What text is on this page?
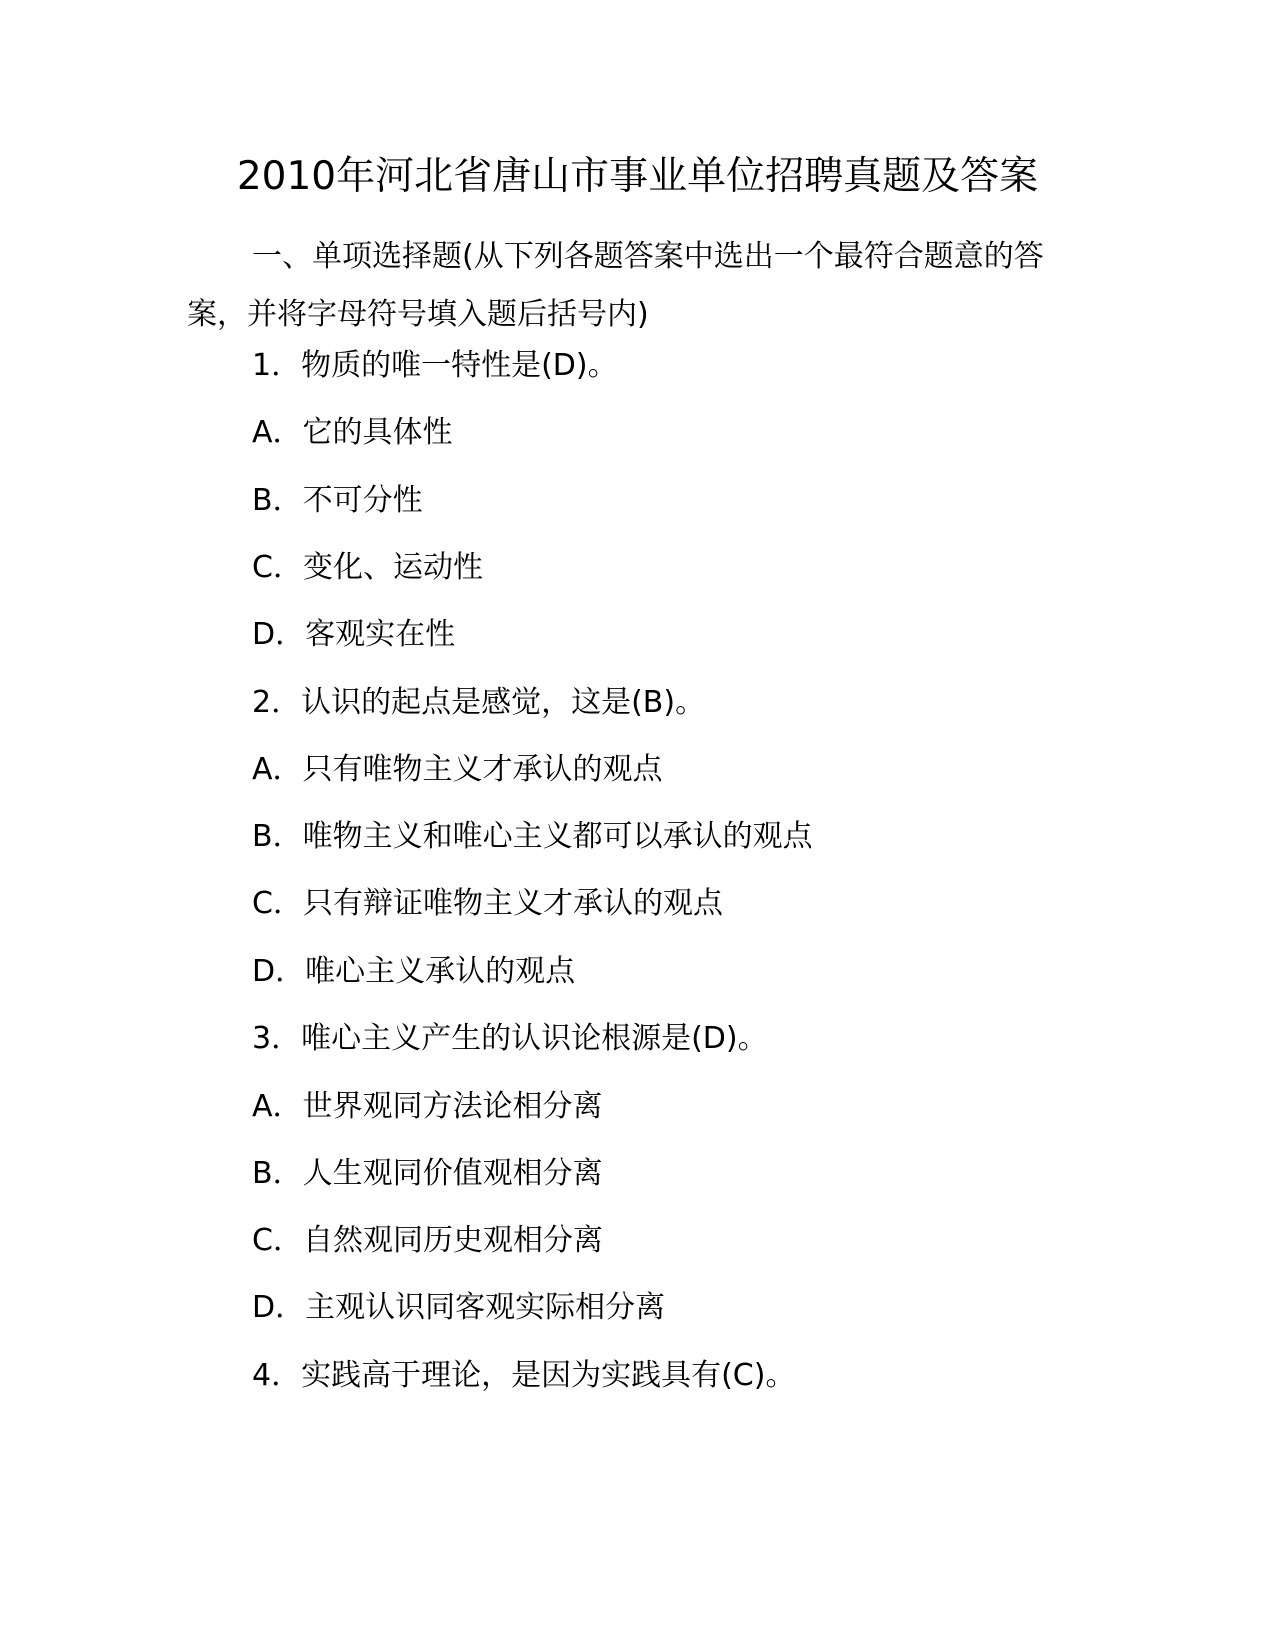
2010年河北省唐山市事业单位招聘真题及答案
一、单项选择题(从下列各题答案中选出一个最符合题意的答案，并将字母符号填入题后括号内)
1．物质的唯一特性是(D)。
A．它的具体性
B．不可分性
C．变化、运动性
D．客观实在性
2．认识的起点是感觉，这是(B)。
A．只有唯物主义才承认的观点
B．唯物主义和唯心主义都可以承认的观点
C．只有辩证唯物主义才承认的观点
D．唯心主义承认的观点
3．唯心主义产生的认识论根源是(D)。
A．世界观同方法论相分离
B．人生观同价值观相分离
C．自然观同历史观相分离
D．主观认识同客观实际相分离
4．实践高于理论，是因为实践具有(C)。
